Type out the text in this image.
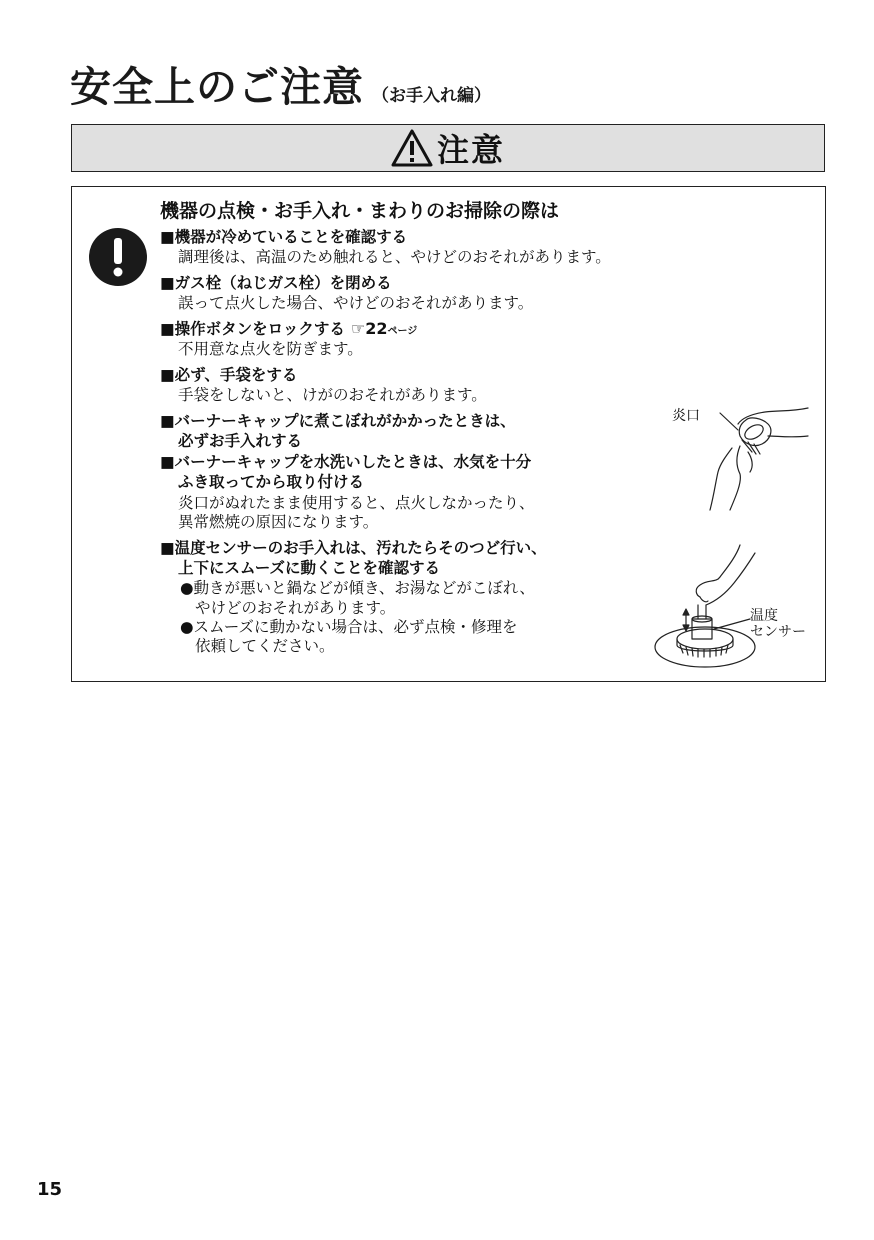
安全上のご注意 （お手入れ編）
注意
機器の点検・お手入れ・まわりのお掃除の際は
■機器が冷めていることを確認する
調理後は、高温のため触れると、やけどのおそれがあります。
■ガス栓（ねじガス栓）を閉める
誤って点火した場合、やけどのおそれがあります。
■操作ボタンをロックする ☞22ページ
不用意な点火を防ぎます。
■必ず、手袋をする
手袋をしないと、けがのおそれがあります。
■バーナーキャップに煮こぼれがかかったときは、
必ずお手入れする
■バーナーキャップを水洗いしたときは、水気を十分
ふき取ってから取り付ける
炎口がぬれたまま使用すると、点火しなかったり、
異常燃焼の原因になります。
■温度センサーのお手入れは、汚れたらそのつど行い、
上下にスムーズに動くことを確認する
●動きが悪いと鍋などが傾き、お湯などがこぼれ、
やけどのおそれがあります。
●スムーズに動かない場合は、必ず点検・修理を
依頼してください。
炎口
温度
センサー
15
